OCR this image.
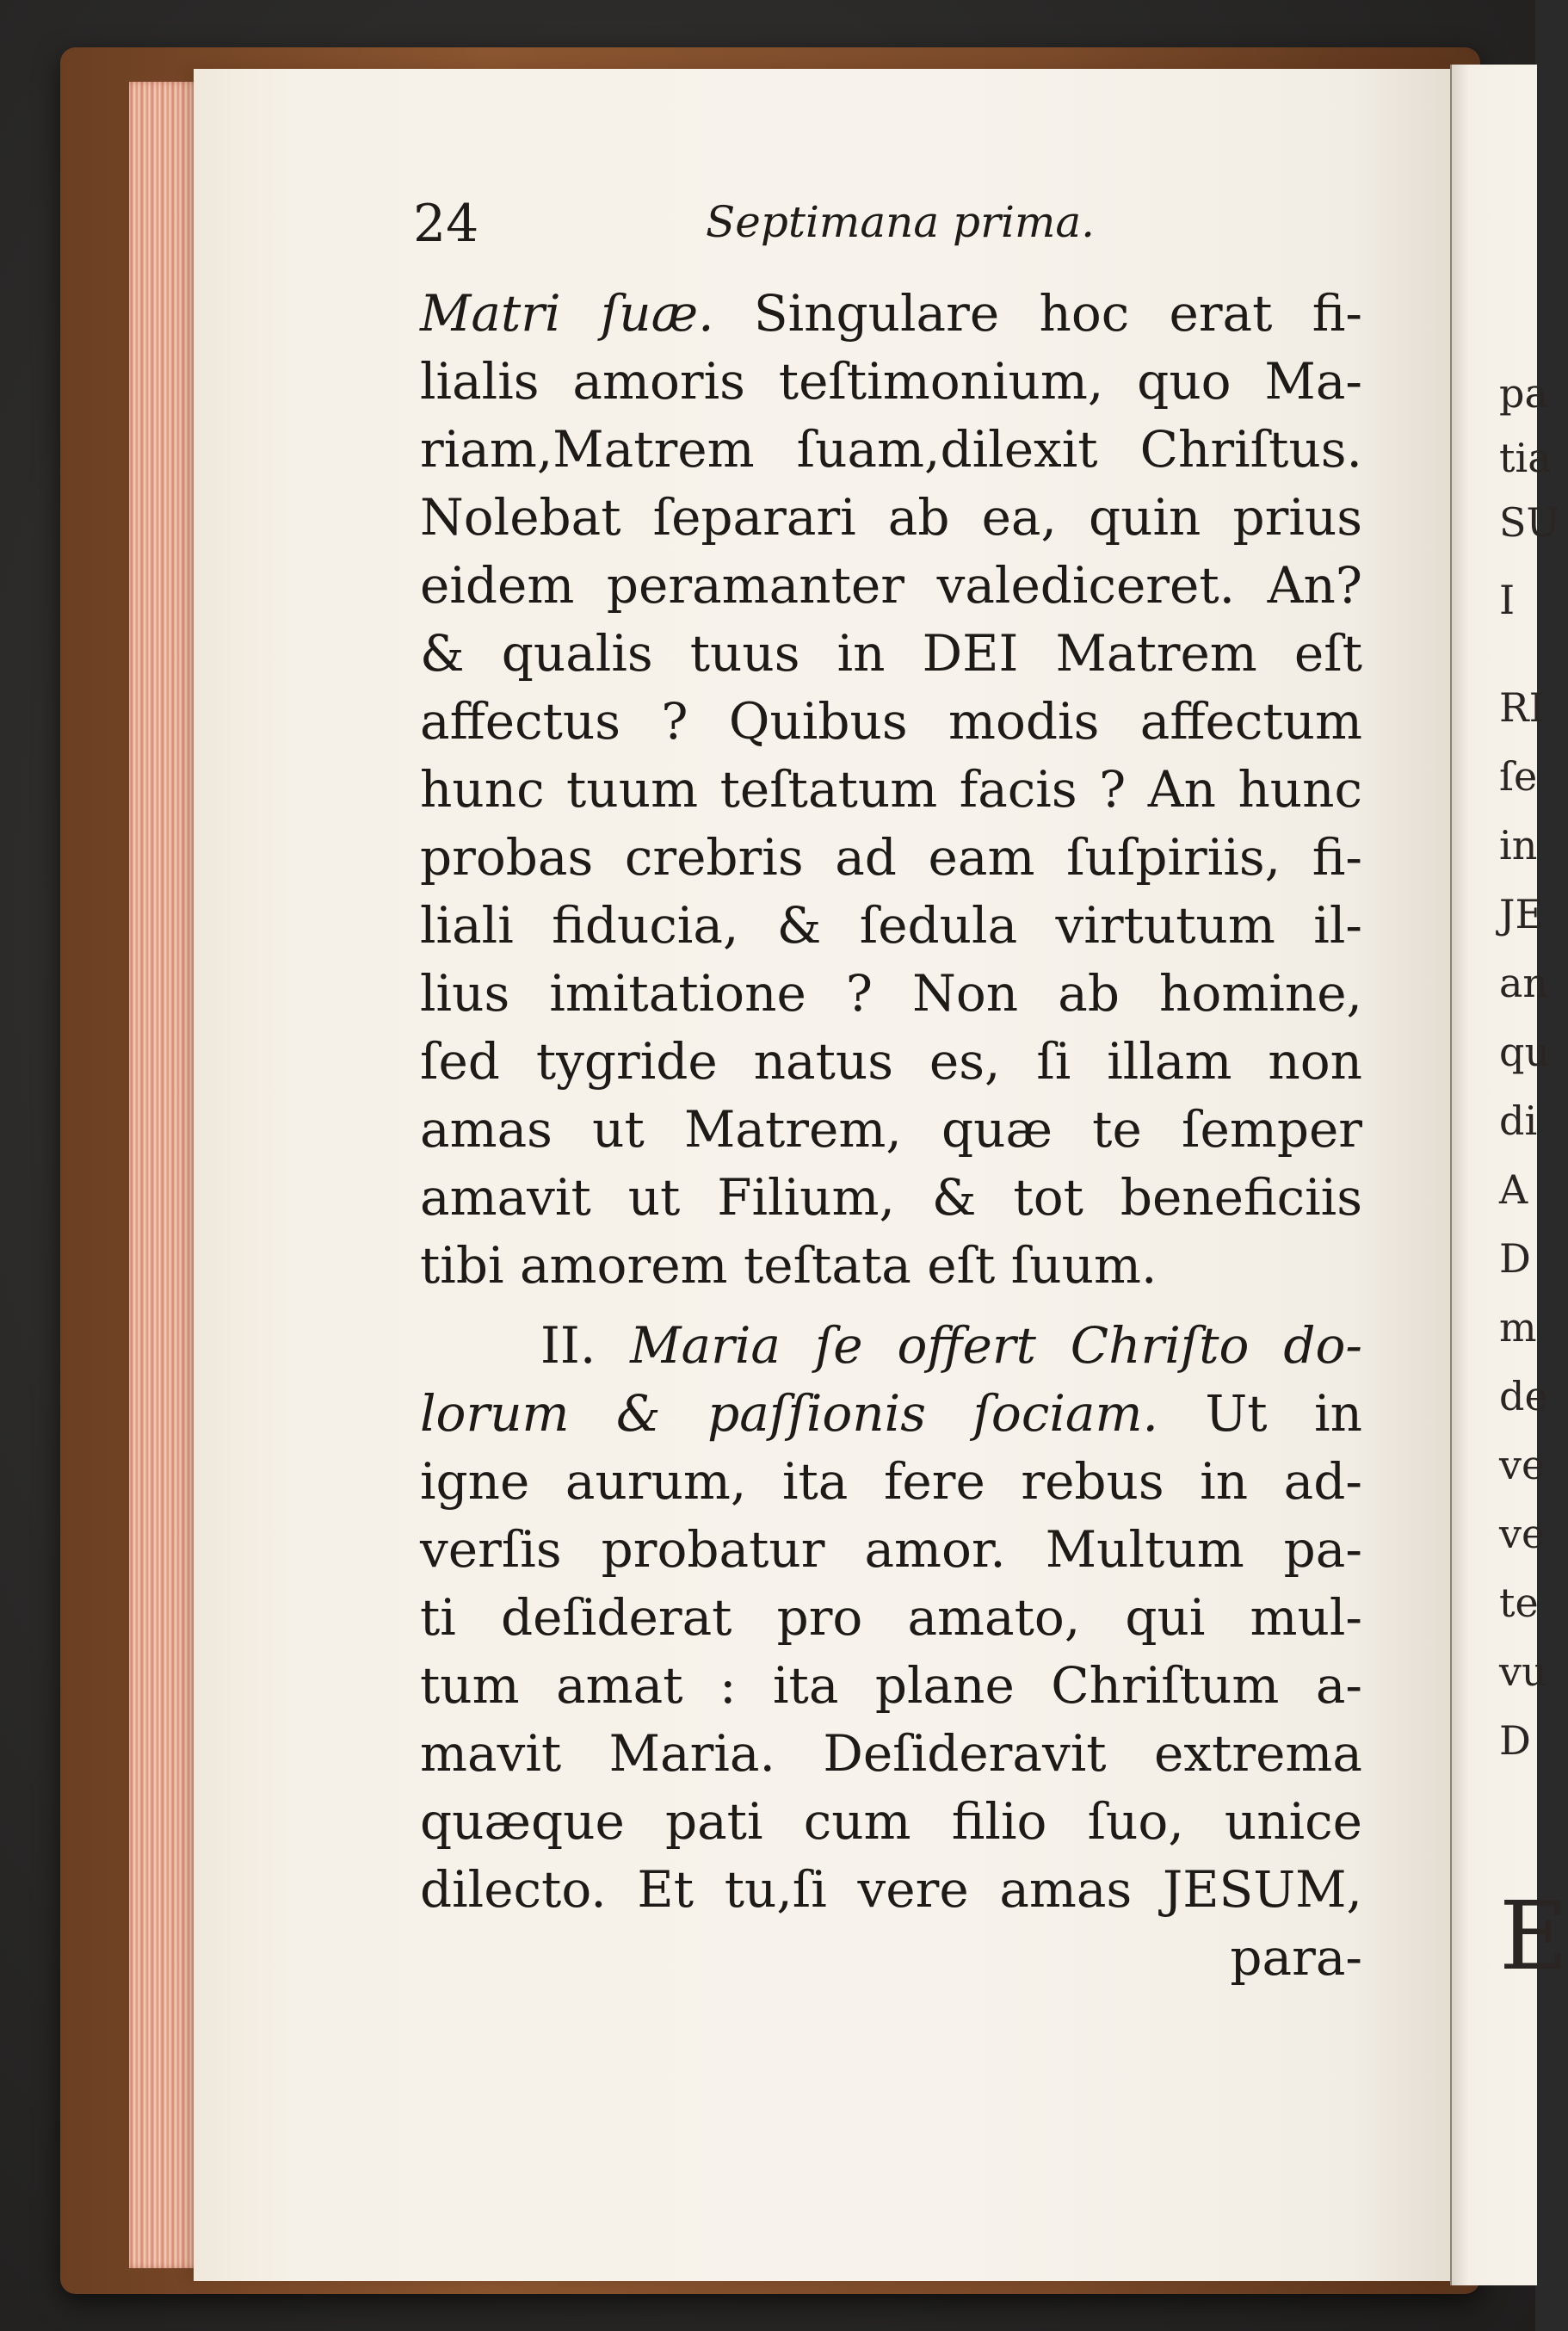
pa
tia
SU
I
RI
ſe
in
JE
an
qu
di
A
D
m
de
ve
ve
te
vu
D
E
24	Septimana prima.
Matri ſuæ. Singulare hoc erat fi-
lialis amoris teſtimonium, quo Ma-
riam,Matrem ſuam,dilexit Chriſtus.
Nolebat ſeparari ab ea, quin prius
eidem peramanter valediceret. An?
& qualis tuus in DEI Matrem eſt
affectus ? Quibus modis affectum
hunc tuum teſtatum facis ? An hunc
probas crebris ad eam ſuſpiriis, fi-
liali fiducia, & ſedula virtutum il-
lius imitatione ? Non ab homine,
ſed tygride natus es, ſi illam non
amas ut Matrem, quæ te ſemper
amavit ut Filium, & tot beneficiis
tibi amorem teſtata eſt ſuum.
II. Maria ſe offert Chriſto do-
lorum & paſſionis ſociam. Ut in
igne aurum, ita fere rebus in ad-
verſis probatur amor. Multum pa-
ti deſiderat pro amato, qui mul-
tum amat : ita plane Chriſtum a-
mavit Maria. Deſideravit extrema
quæque pati cum filio ſuo, unice
dilecto. Et tu,ſi vere amas JESUM,
para-
